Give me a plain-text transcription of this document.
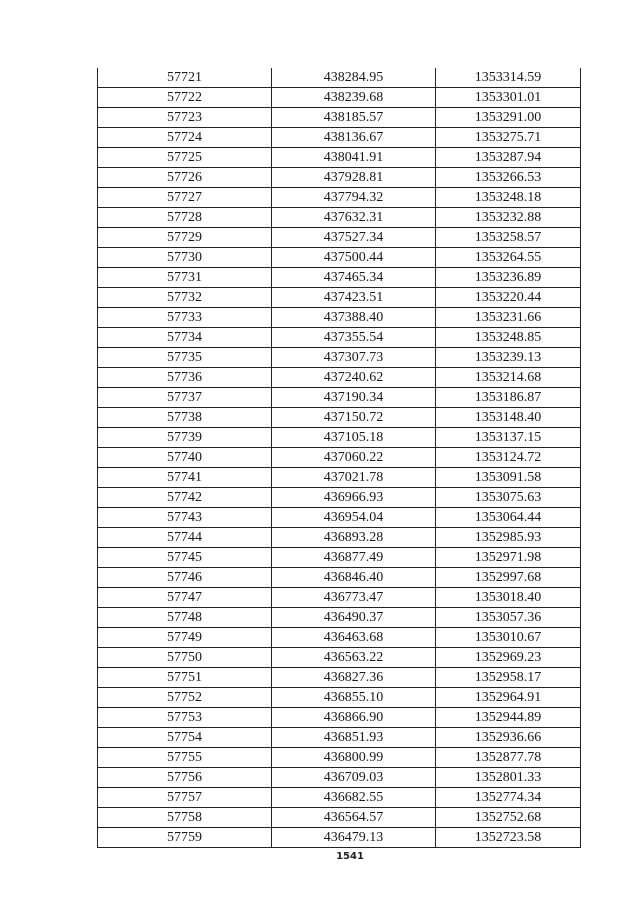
57721	438284.95	1353314.59
57722	438239.68	1353301.01
57723	438185.57	1353291.00
57724	438136.67	1353275.71
57725	438041.91	1353287.94
57726	437928.81	1353266.53
57727	437794.32	1353248.18
57728	437632.31	1353232.88
57729	437527.34	1353258.57
57730	437500.44	1353264.55
57731	437465.34	1353236.89
57732	437423.51	1353220.44
57733	437388.40	1353231.66
57734	437355.54	1353248.85
57735	437307.73	1353239.13
57736	437240.62	1353214.68
57737	437190.34	1353186.87
57738	437150.72	1353148.40
57739	437105.18	1353137.15
57740	437060.22	1353124.72
57741	437021.78	1353091.58
57742	436966.93	1353075.63
57743	436954.04	1353064.44
57744	436893.28	1352985.93
57745	436877.49	1352971.98
57746	436846.40	1352997.68
57747	436773.47	1353018.40
57748	436490.37	1353057.36
57749	436463.68	1353010.67
57750	436563.22	1352969.23
57751	436827.36	1352958.17
57752	436855.10	1352964.91
57753	436866.90	1352944.89
57754	436851.93	1352936.66
57755	436800.99	1352877.78
57756	436709.03	1352801.33
57757	436682.55	1352774.34
57758	436564.57	1352752.68
57759	436479.13	1352723.58
1541
